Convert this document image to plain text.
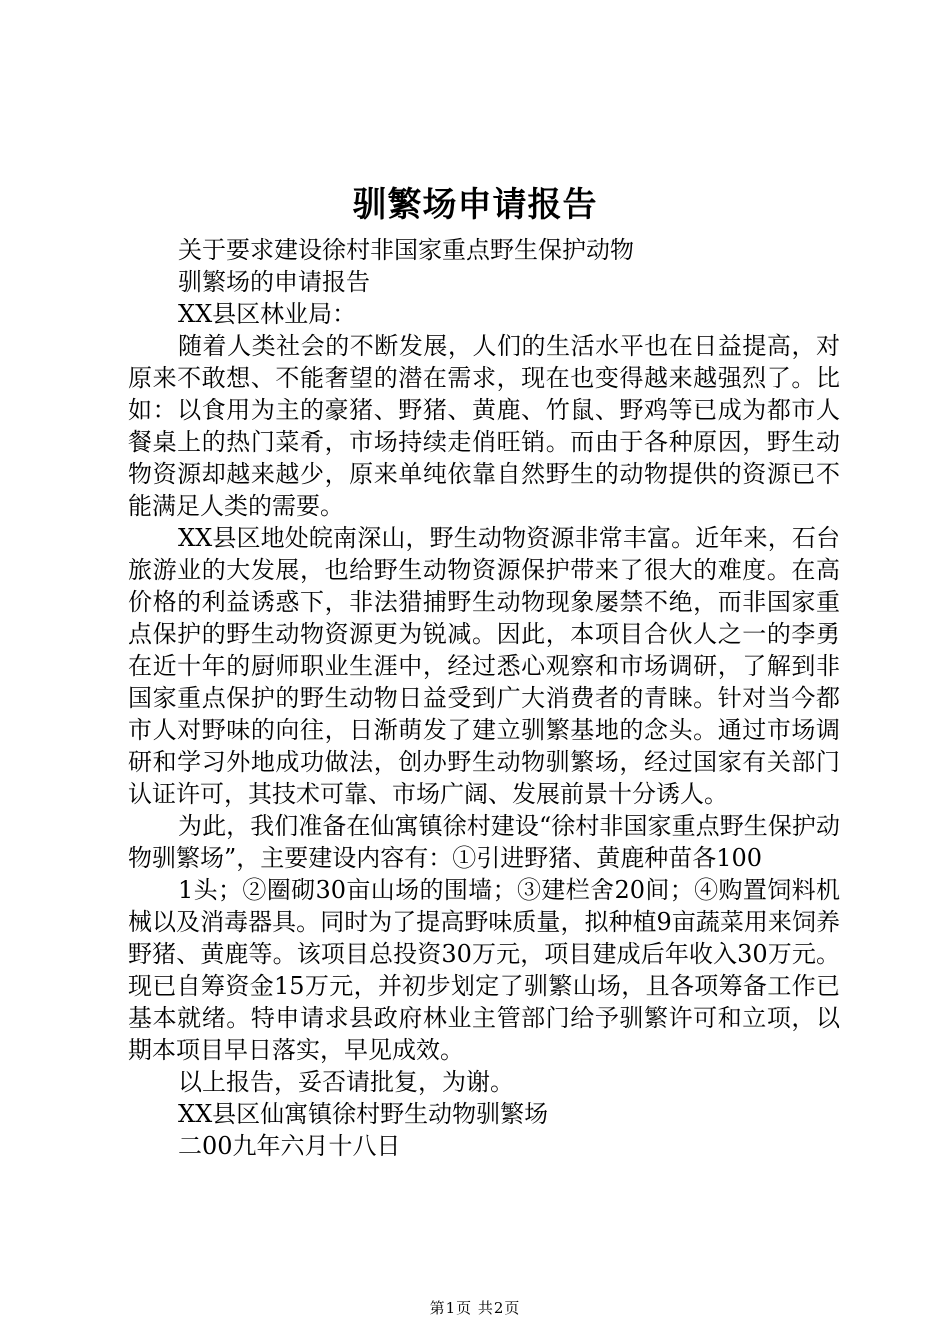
驯繁场申请报告

关于要求建设徐村非国家重点野生保护动物

驯繁场的申请报告

XX县区林业局：

随着人类社会的不断发展，人们的生活水平也在日益提高，对原来不敢想、不能奢望的潜在需求，现在也变得越来越强烈了。比如：以食用为主的豪猪、野猪、黄鹿、竹鼠、野鸡等已成为都市人餐桌上的热门菜肴，市场持续走俏旺销。而由于各种原因，野生动物资源却越来越少，原来单纯依靠自然野生的动物提供的资源已不能满足人类的需要。

XX县区地处皖南深山，野生动物资源非常丰富。近年来，石台旅游业的大发展，也给野生动物资源保护带来了很大的难度。在高价格的利益诱惑下，非法猎捕野生动物现象屡禁不绝，而非国家重点保护的野生动物资源更为锐减。因此，本项目合伙人之一的李勇在近十年的厨师职业生涯中，经过悉心观察和市场调研，了解到非国家重点保护的野生动物日益受到广大消费者的青睐。针对当今都市人对野味的向往，日渐萌发了建立驯繁基地的念头。通过市场调研和学习外地成功做法，创办野生动物驯繁场，经过国家有关部门认证许可，其技术可靠、市场广阔、发展前景十分诱人。

为此，我们准备在仙寓镇徐村建设“徐村非国家重点野生保护动物驯繁场”，主要建设内容有：①引进野猪、黄鹿种苗各100

1头；②圈砌30亩山场的围墙；③建栏舍20间；④购置饲料机械以及消毒器具。同时为了提高野味质量，拟种植9亩蔬菜用来饲养野猪、黄鹿等。该项目总投资30万元，项目建成后年收入30万元。现已自筹资金15万元，并初步划定了驯繁山场，且各项筹备工作已基本就绪。特申请求县政府林业主管部门给予驯繁许可和立项，以期本项目早日落实，早见成效。

以上报告，妥否请批复，为谢。

XX县区仙寓镇徐村野生动物驯繁场

二00九年六月十八日

第1页 共2页
